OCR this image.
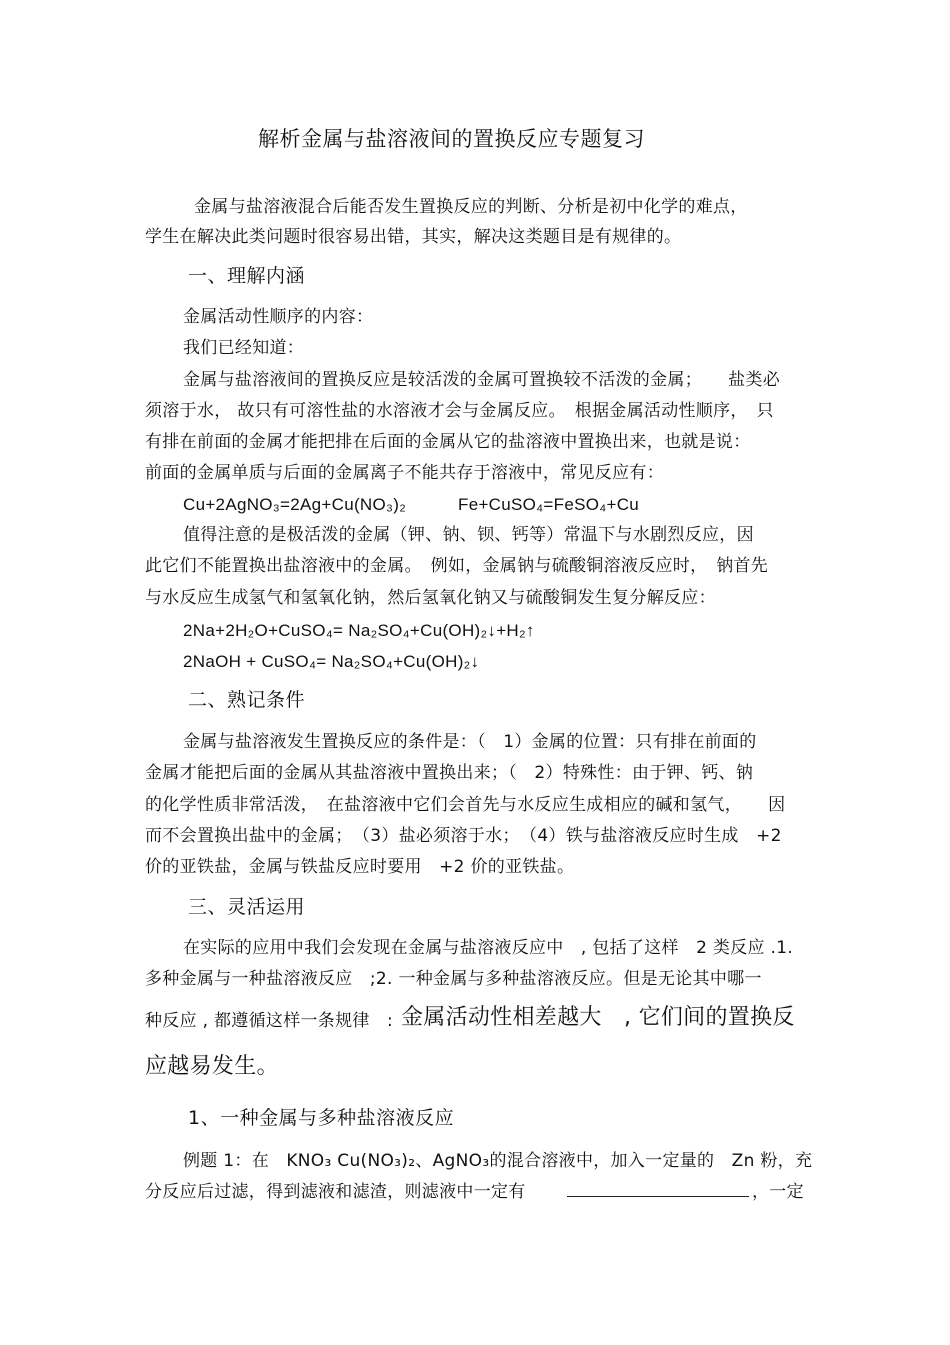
解析金属与盐溶液间的置换反应专题复习

金属与盐溶液混合后能否发生置换反应的判断、分析是初中化学的难点，

学生在解决此类问题时很容易出错，其实，解决这类题目是有规律的。

一、理解内涵

金属活动性顺序的内容：

我们已经知道：

金属与盐溶液间的置换反应是较活泼的金属可置换较不活泼的金属；　　盐类必

须溶于水， 故只有可溶性盐的水溶液才会与金属反应。　根据金属活动性顺序，　只

有排在前面的金属才能把排在后面的金属从它的盐溶液中置换出来，也就是说：

前面的金属单质与后面的金属离子不能共存于溶液中，常见反应有：

Cu+2AgNO₃=2Ag+Cu(NO₃)₂　　　Fe+CuSO₄=FeSO₄+Cu

值得注意的是极活泼的金属（钾、钠、钡、钙等）常温下与水剧烈反应，因

此它们不能置换出盐溶液中的金属。　例如，金属钠与硫酸铜溶液反应时，　钠首先

与水反应生成氢气和氢氧化钠，然后氢氧化钠又与硫酸铜发生复分解反应：

2Na+2H₂O+CuSO₄= Na₂SO₄+Cu(OH)₂↓+H₂↑

2NaOH + CuSO₄= Na₂SO₄+Cu(OH)₂↓

二、熟记条件

金属与盐溶液发生置换反应的条件是：（　1）金属的位置：只有排在前面的

金属才能把后面的金属从其盐溶液中置换出来；（　2）特殊性：由于钾、钙、钠

的化学性质非常活泼，　在盐溶液中它们会首先与水反应生成相应的碱和氢气，　　因

而不会置换出盐中的金属；　（3）盐必须溶于水；　（4）铁与盐溶液反应时生成　+2

价的亚铁盐，金属与铁盐反应时要用　+2 价的亚铁盐。

三、灵活运用

在实际的应用中我们会发现在金属与盐溶液反应中　, 包括了这样　2 类反应 .1.

多种金属与一种盐溶液反应　;2. 一种金属与多种盐溶液反应。但是无论其中哪一

种反应 , 都遵循这样一条规律　: 金属活动性相差越大　, 它们间的置换反

应越易发生。

1、一种金属与多种盐溶液反应

例题 1：在　KNO₃ Cu(NO₃)₂、AgNO₃的混合溶液中，加入一定量的　Zn 粉，充

分反应后过滤，得到滤液和滤渣，则滤液中一定有	，一定
